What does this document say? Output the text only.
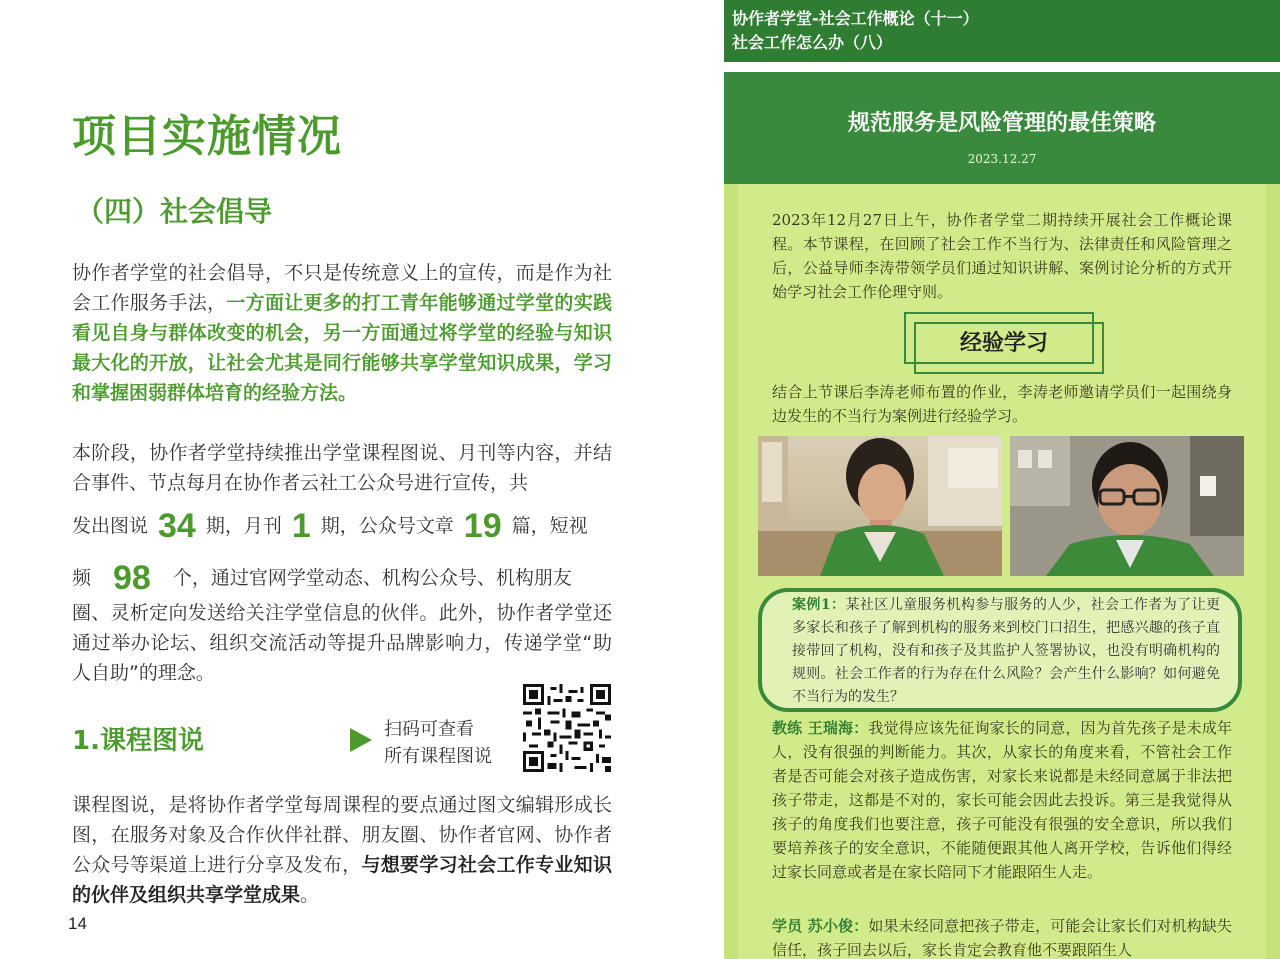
项目实施情况
（四）社会倡导
协作者学堂的社会倡导，不只是传统意义上的宣传，而是作为社会工作服务手法，一方面让更多的打工青年能够通过学堂的实践看见自身与群体改变的机会，另一方面通过将学堂的经验与知识最大化的开放，让社会尤其是同行能够共享学堂知识成果，学习和掌握困弱群体培育的经验方法。
本阶段，协作者学堂持续推出学堂课程图说、月刊等内容，并结合事件、节点每月在协作者云社工公众号进行宣传，共
发出图说 34 期，月刊 1 期，公众号文章 19 篇，短视
频 98 个，通过官网学堂动态、机构公众号、机构朋友
圈、灵析定向发送给关注学堂信息的伙伴。此外，协作者学堂还通过举办论坛、组织交流活动等提升品牌影响力，传递学堂“助人自助”的理念。
1.课程图说	扫码可查看
所有课程图说
课程图说，是将协作者学堂每周课程的要点通过图文编辑形成长图，在服务对象及合作伙伴社群、朋友圈、协作者官网、协作者公众号等渠道上进行分享及发布，与想要学习社会工作专业知识的伙伴及组织共享学堂成果。
14
协作者学堂-社会工作概论（十一）
社会工作怎么办（八）
规范服务是风险管理的最佳策略
2023.12.27
2023年12月27日上午，协作者学堂二期持续开展社会工作概论课程。本节课程，在回顾了社会工作不当行为、法律责任和风险管理之后，公益导师李涛带领学员们通过知识讲解、案例讨论分析的方式开始学习社会工作伦理守则。
经验学习
结合上节课后李涛老师布置的作业，李涛老师邀请学员们一起围绕身边发生的不当行为案例进行经验学习。
案例1：某社区儿童服务机构参与服务的人少，社会工作者为了让更多家长和孩子了解到机构的服务来到校门口招生，把感兴趣的孩子直接带回了机构，没有和孩子及其监护人签署协议，也没有明确机构的规则。社会工作者的行为存在什么风险？会产生什么影响？如何避免不当行为的发生？
教练 王瑞海：我觉得应该先征询家长的同意，因为首先孩子是未成年人，没有很强的判断能力。其次，从家长的角度来看，不管社会工作者是否可能会对孩子造成伤害，对家长来说都是未经同意属于非法把孩子带走，这都是不对的，家长可能会因此去投诉。第三是我觉得从孩子的角度我们也要注意，孩子可能没有很强的安全意识，所以我们要培养孩子的安全意识，不能随便跟其他人离开学校，告诉他们得经过家长同意或者是在家长陪同下才能跟陌生人走。
学员 苏小俊：如果未经同意把孩子带走，可能会让家长们对机构缺失信任，孩子回去以后，家长肯定会教育他不要跟陌生人
